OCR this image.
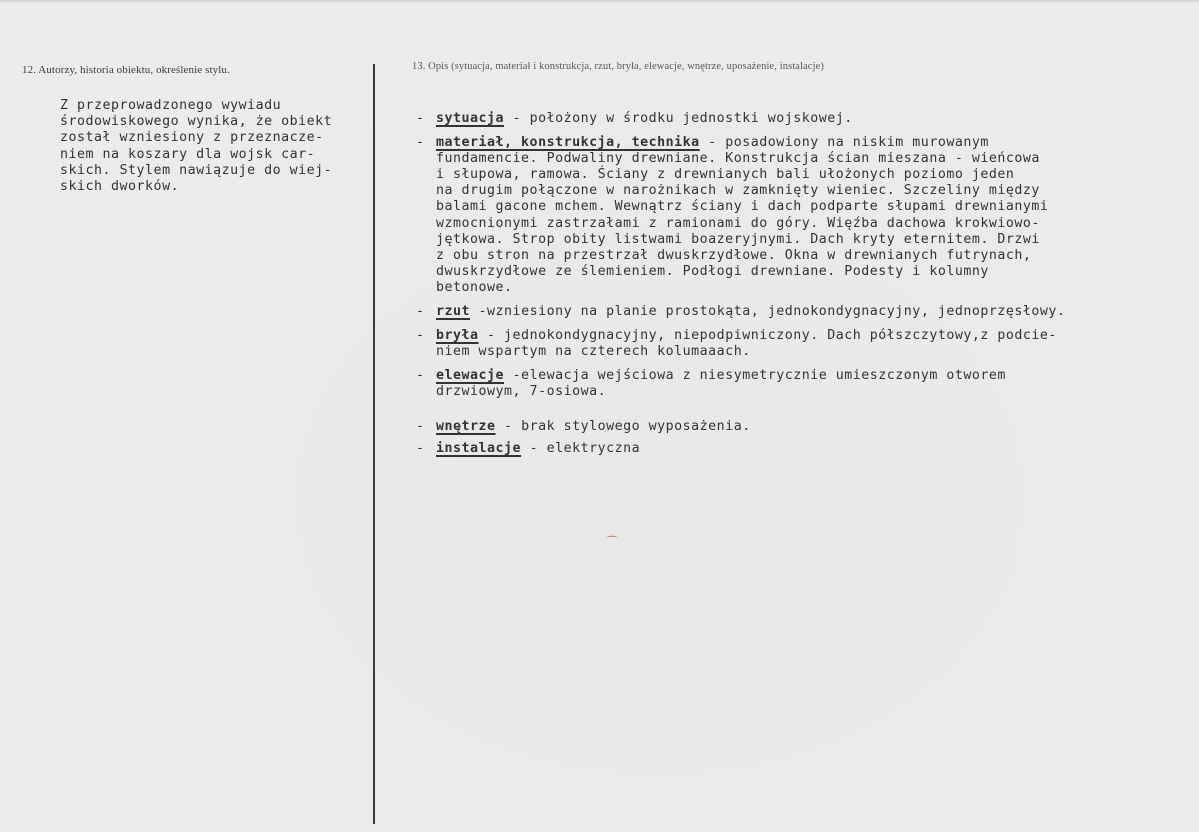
12. Autorzy, historia obiektu, określenie stylu.	13. Opis (sytuacja, materiał i konstrukcja, rzut, bryła, elewacje, wnętrze, uposażenie, instalacje)
Z przeprowadzonego wywiadu
środowiskowego wynika, że obiekt
został wzniesiony z przeznacze-
niem na koszary dla wojsk car-
skich. Stylem nawiązuje do wiej-
skich dworków.
- sytuacja - położony w środku jednostki wojskowej.
- materiał, konstrukcja, technika - posadowiony na niskim murowanym
fundamencie. Podwaliny drewniane. Konstrukcja ścian mieszana - wieńcowa
i słupowa, ramowa. Ściany z drewnianych bali ułożonych poziomo jeden
na drugim połączone w narożnikach w zamknięty wieniec. Szczeliny między
balami gacone mchem. Wewnątrz ściany i dach podparte słupami drewnianymi
wzmocnionymi zastrzałami z ramionami do góry. Więźba dachowa krokwiowo-
jętkowa. Strop obity listwami boazeryjnymi. Dach kryty eternitem. Drzwi
z obu stron na przestrzał dwuskrzydłowe. Okna w drewnianych futrynach,
dwuskrzydłowe ze ślemieniem. Podłogi drewniane. Podesty i kolumny
betonowe.
- rzut -wzniesiony na planie prostokąta, jednokondygnacyjny, jednoprzęsłowy.
- bryła - jednokondygnacyjny, niepodpiwniczony. Dach półszczytowy,z podcie-
niem wspartym na czterech kolumaaach.
- elewacje -elewacja wejściowa z niesymetrycznie umieszczonym otworem
drzwiowym, 7-osiowa.
- wnętrze - brak stylowego wyposażenia.
- instalacje - elektryczna
⌒
